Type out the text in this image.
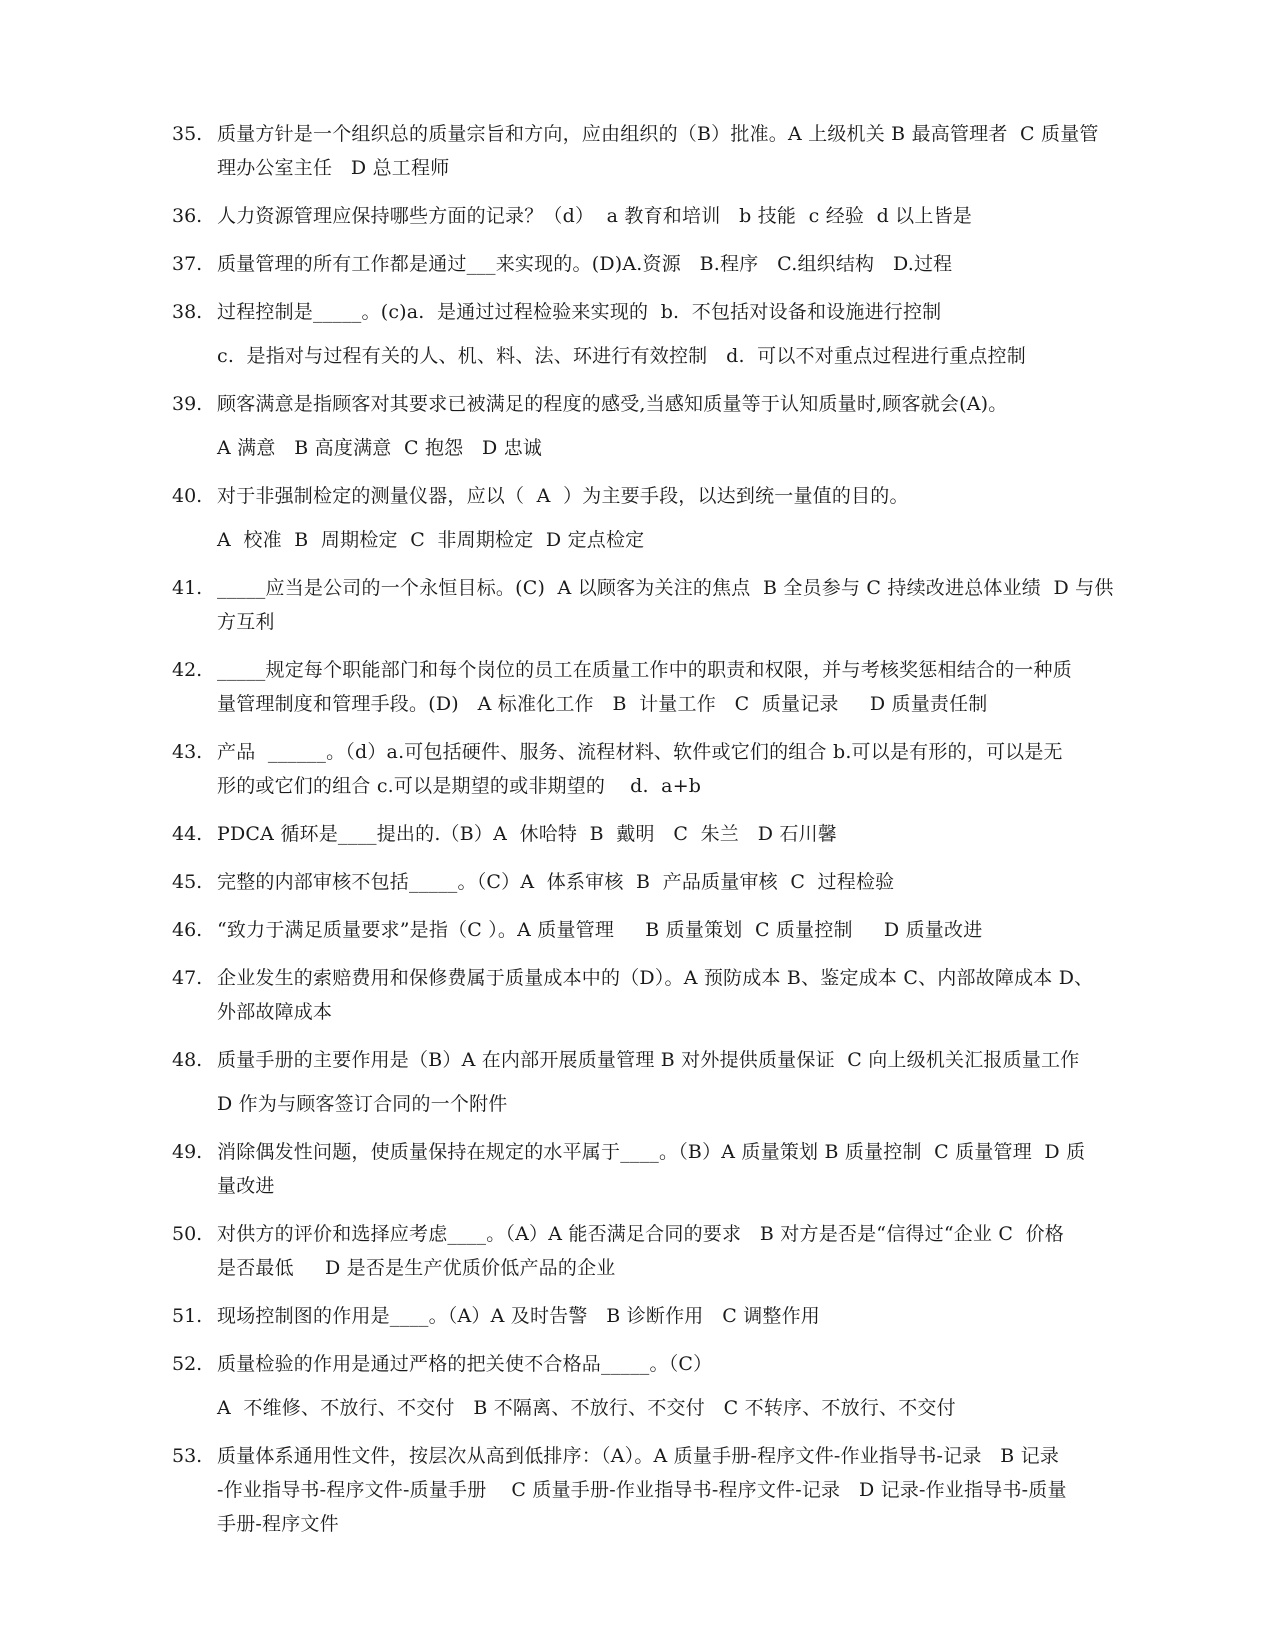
35. 质量方针是一个组织总的质量宗旨和方向，应由组织的（B）批准。A 上级机关 B 最高管理者  C 质量管
理办公室主任   D 总工程师
36. 人力资源管理应保持哪些方面的记录？（d）  a 教育和培训   b 技能  c 经验  d 以上皆是
37. 质量管理的所有工作都是通过___来实现的。(D)A.资源   B.程序   C.组织结构   D.过程
38. 过程控制是_____。(c)a.  是通过过程检验来实现的  b.  不包括对设备和设施进行控制
c.  是指对与过程有关的人、机、料、法、环进行有效控制   d.  可以不对重点过程进行重点控制
39. 顾客满意是指顾客对其要求已被满足的程度的感受,当感知质量等于认知质量时,顾客就会(A)。
A 满意   B 高度满意  C 抱怨   D 忠诚
40. 对于非强制检定的测量仪器，应以（  A  ）为主要手段，以达到统一量值的目的。
A  校准  B  周期检定  C  非周期检定  D 定点检定
41. _____应当是公司的一个永恒目标。(C)  A 以顾客为关注的焦点  B 全员参与 C 持续改进总体业绩  D 与供
方互利
42. _____规定每个职能部门和每个岗位的员工在质量工作中的职责和权限，并与考核奖惩相结合的一种质
量管理制度和管理手段。(D)   A 标准化工作   B  计量工作   C  质量记录     D 质量责任制
43. 产品  ______。（d）a.可包括硬件、服务、流程材料、软件或它们的组合 b.可以是有形的，可以是无
形的或它们的组合 c.可以是期望的或非期望的    d.  a+b
44. PDCA 循环是____提出的.（B）A  休哈特  B  戴明   C  朱兰   D 石川馨
45. 完整的内部审核不包括_____。（C）A  体系审核  B  产品质量审核  C  过程检验
46. “致力于满足质量要求”是指（C ）。A 质量管理     B 质量策划  C 质量控制     D 质量改进
47. 企业发生的索赔费用和保修费属于质量成本中的（D）。A 预防成本 B、鉴定成本 C、内部故障成本 D、
外部故障成本
48. 质量手册的主要作用是（B）A 在内部开展质量管理 B 对外提供质量保证  C 向上级机关汇报质量工作
D 作为与顾客签订合同的一个附件
49. 消除偶发性问题，使质量保持在规定的水平属于____。（B）A 质量策划 B 质量控制  C 质量管理  D 质
量改进
50. 对供方的评价和选择应考虑____。（A）A 能否满足合同的要求   B 对方是否是“信得过“企业 C  价格
是否最低     D 是否是生产优质价低产品的企业
51. 现场控制图的作用是____。（A）A 及时告警   B 诊断作用   C 调整作用
52. 质量检验的作用是通过严格的把关使不合格品_____。（C）
A  不维修、不放行、不交付   B 不隔离、不放行、不交付   C 不转序、不放行、不交付
53. 质量体系通用性文件，按层次从高到低排序：（A）。A 质量手册-程序文件-作业指导书-记录   B 记录
-作业指导书-程序文件-质量手册    C 质量手册-作业指导书-程序文件-记录   D 记录-作业指导书-质量
手册-程序文件
